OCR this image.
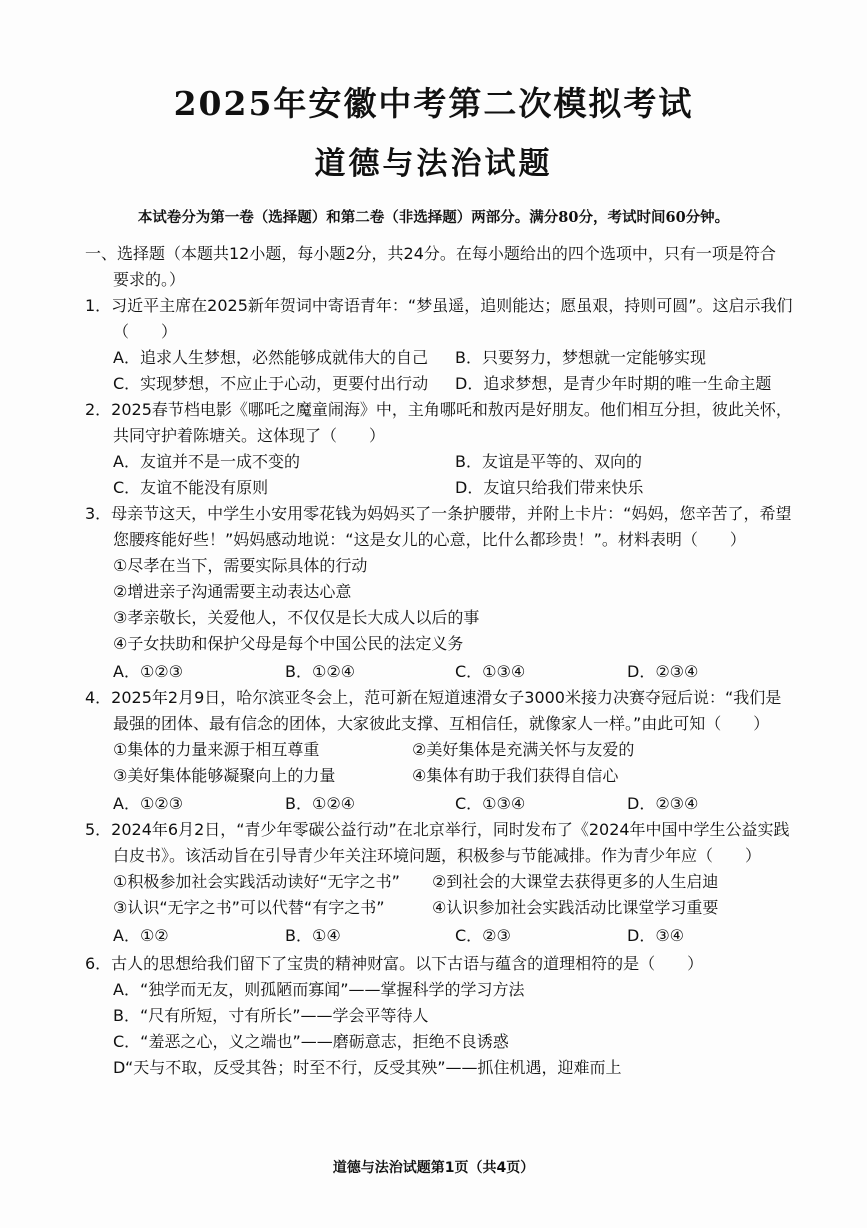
2025年安徽中考第二次模拟考试
道德与法治试题
本试卷分为第一卷（选择题）和第二卷（非选择题）两部分。满分80分，考试时间60分钟。
一、选择题（本题共12小题，每小题2分，共24分。在每小题给出的四个选项中，只有一项是符合
要求的。）
1．习近平主席在2025新年贺词中寄语青年：“梦虽遥，追则能达；愿虽艰，持则可圆”。这启示我们
（　　）
A．追求人生梦想，必然能够成就伟大的自己 B．只要努力，梦想就一定能够实现
C．实现梦想，不应止于心动，更要付出行动 D．追求梦想，是青少年时期的唯一生命主题
2．2025春节档电影《哪吒之魔童闹海》中，主角哪吒和敖丙是好朋友。他们相互分担，彼此关怀，
共同守护着陈塘关。这体现了（　　）
A．友谊并不是一成不变的	B．友谊是平等的、双向的
C．友谊不能没有原则	D．友谊只给我们带来快乐
3．母亲节这天，中学生小安用零花钱为妈妈买了一条护腰带，并附上卡片：“妈妈，您辛苦了，希望
您腰疼能好些！”妈妈感动地说：“这是女儿的心意，比什么都珍贵！”。材料表明（　　）
①尽孝在当下，需要实际具体的行动
②增进亲子沟通需要主动表达心意
③孝亲敬长，关爱他人，不仅仅是长大成人以后的事
④子女扶助和保护父母是每个中国公民的法定义务
A．①②③	B．①②④	C．①③④	D．②③④
4．2025年2月9日，哈尔滨亚冬会上，范可新在短道速滑女子3000米接力决赛夺冠后说：“我们是
最强的团体、最有信念的团体，大家彼此支撑、互相信任，就像家人一样。”由此可知（　　）
①集体的力量来源于相互尊重	②美好集体是充满关怀与友爱的
③美好集体能够凝聚向上的力量	④集体有助于我们获得自信心
A．①②③	B．①②④	C．①③④	D．②③④
5．2024年6月2日，“青少年零碳公益行动”在北京举行，同时发布了《2024年中国中学生公益实践
白皮书》。该活动旨在引导青少年关注环境问题，积极参与节能减排。作为青少年应（　　）
①积极参加社会实践活动读好“无字之书” ②到社会的大课堂去获得更多的人生启迪
③认识“无字之书”可以代替“有字之书”	④认识参加社会实践活动比课堂学习重要
A．①②	B．①④	C．②③	D．③④
6．古人的思想给我们留下了宝贵的精神财富。以下古语与蕴含的道理相符的是（　　）
A．“独学而无友，则孤陋而寡闻”——掌握科学的学习方法
B．“尺有所短，寸有所长”——学会平等待人
C．“羞恶之心，义之端也”——磨砺意志，拒绝不良诱惑
D“天与不取，反受其咎；时至不行，反受其殃”——抓住机遇，迎难而上
道德与法治试题第1页（共4页）
